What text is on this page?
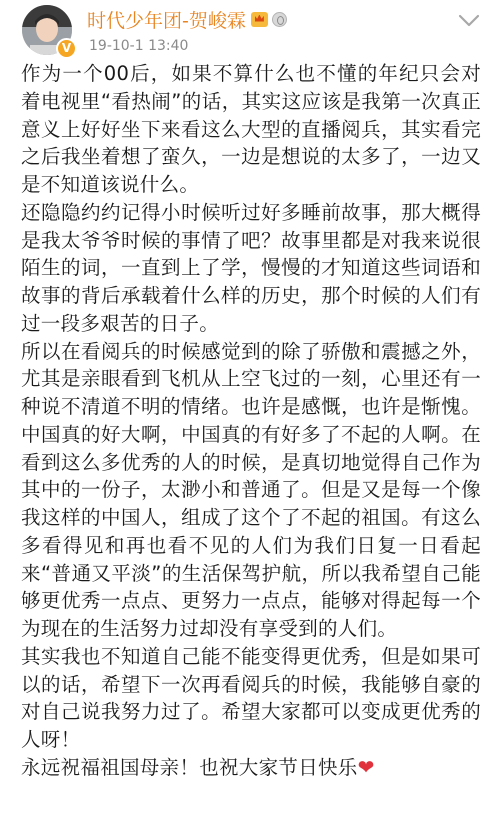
V
时代少年团-贺峻霖
19-10-1 13:40

作为一个00后，如果不算什么也不懂的年纪只会对着电视里“看热闹”的话，其实这应该是我第一次真正意义上好好坐下来看这么大型的直播阅兵，其实看完之后我坐着想了蛮久，一边是想说的太多了，一边又是不知道该说什么。

还隐隐约约记得小时候听过好多睡前故事，那大概得是我太爷爷时候的事情了吧？故事里都是对我来说很陌生的词，一直到上了学，慢慢的才知道这些词语和故事的背后承载着什么样的历史，那个时候的人们有过一段多艰苦的日子。

所以在看阅兵的时候感觉到的除了骄傲和震撼之外，尤其是亲眼看到飞机从上空飞过的一刻，心里还有一种说不清道不明的情绪。也许是感慨，也许是惭愧。中国真的好大啊，中国真的有好多了不起的人啊。在看到这么多优秀的人的时候，是真切地觉得自己作为其中的一份子，太渺小和普通了。但是又是每一个像我这样的中国人，组成了这个了不起的祖国。有这么多看得见和再也看不见的人们为我们日复一日看起来“普通又平淡”的生活保驾护航，所以我希望自己能够更优秀一点点、更努力一点点，能够对得起每一个为现在的生活努力过却没有享受到的人们。

其实我也不知道自己能不能变得更优秀，但是如果可以的话，希望下一次再看阅兵的时候，我能够自豪的对自己说我努力过了。希望大家都可以变成更优秀的人呀！

永远祝福祖国母亲！也祝大家节日快乐❤
